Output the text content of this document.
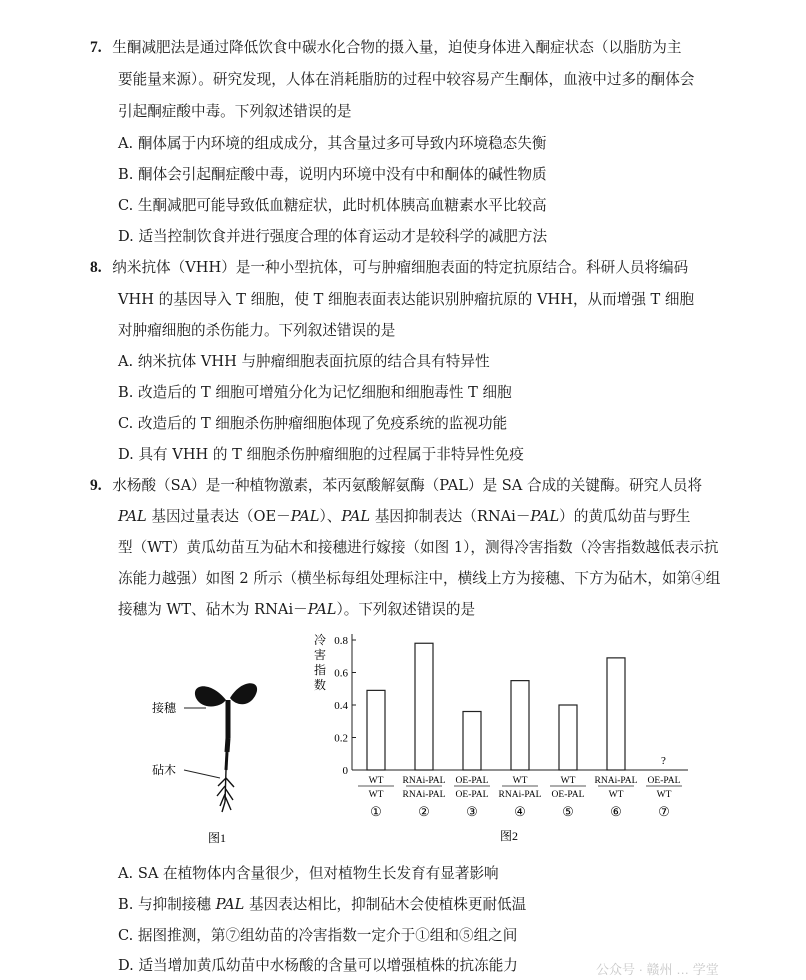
7. 生酮减肥法是通过降低饮食中碳水化合物的摄入量，迫使身体进入酮症状态（以脂肪为主
要能量来源）。研究发现，人体在消耗脂肪的过程中较容易产生酮体，血液中过多的酮体会
引起酮症酸中毒。下列叙述错误的是
A. 酮体属于内环境的组成成分，其含量过多可导致内环境稳态失衡
B. 酮体会引起酮症酸中毒，说明内环境中没有中和酮体的碱性物质
C. 生酮减肥可能导致低血糖症状，此时机体胰高血糖素水平比较高
D. 适当控制饮食并进行强度合理的体育运动才是较科学的减肥方法
8. 纳米抗体（VHH）是一种小型抗体，可与肿瘤细胞表面的特定抗原结合。科研人员将编码
VHH 的基因导入 T 细胞，使 T 细胞表面表达能识别肿瘤抗原的 VHH，从而增强 T 细胞
对肿瘤细胞的杀伤能力。下列叙述错误的是
A. 纳米抗体 VHH 与肿瘤细胞表面抗原的结合具有特异性
B. 改造后的 T 细胞可增殖分化为记忆细胞和细胞毒性 T 细胞
C. 改造后的 T 细胞杀伤肿瘤细胞体现了免疫系统的监视功能
D. 具有 VHH 的 T 细胞杀伤肿瘤细胞的过程属于非特异性免疫
9. 水杨酸（SA）是一种植物激素，苯丙氨酸解氨酶（PAL）是 SA 合成的关键酶。研究人员将
PAL 基因过量表达（OE－PAL）、PAL 基因抑制表达（RNAi－PAL）的黄瓜幼苗与野生
型（WT）黄瓜幼苗互为砧木和接穗进行嫁接（如图 1），测得冷害指数（冷害指数越低表示抗
冻能力越强）如图 2 所示（横坐标每组处理标注中，横线上方为接穗、下方为砧木，如第④组
接穗为 WT、砧木为 RNAi－PAL）。下列叙述错误的是
接穗
砧木
图1
冷
害
指
数
0
0.2
0.4
0.6
0.8
WT
WT
①
RNAi-PAL
RNAi-PAL
②
OE-PAL
OE-PAL
③
WT
RNAi-PAL
④
WT
OE-PAL
⑤
RNAi-PAL
WT
⑥
OE-PAL
WT
⑦
?
图2
A. SA 在植物体内含量很少，但对植物生长发育有显著影响
B. 与抑制接穗 PAL 基因表达相比，抑制砧木会使植株更耐低温
C. 据图推测，第⑦组幼苗的冷害指数一定介于①组和⑤组之间
D. 适当增加黄瓜幼苗中水杨酸的含量可以增强植株的抗冻能力	公众号 · 赣州 … 学堂
